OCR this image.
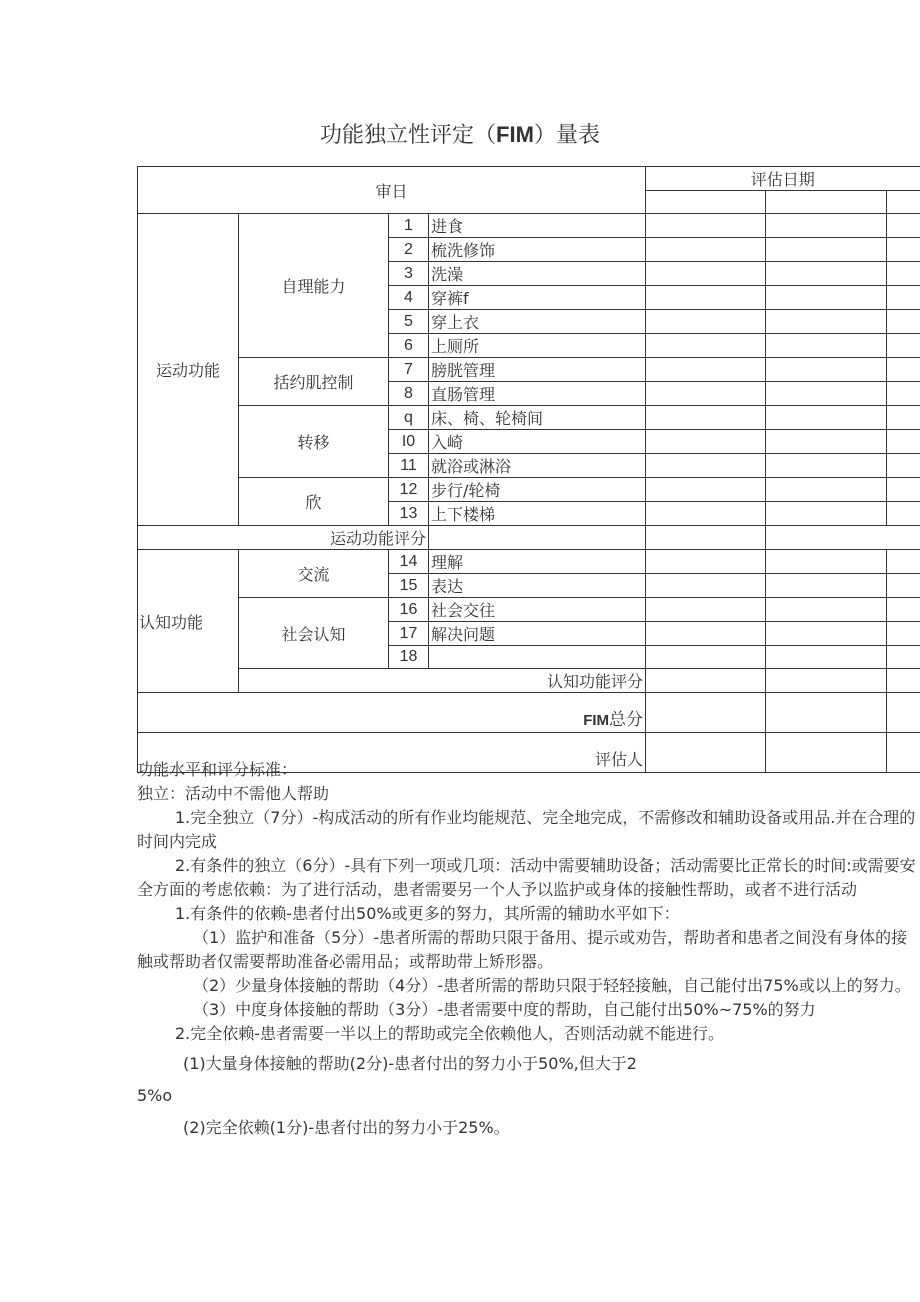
功能独立性评定（FIM）量表
审日				评估日期		

运动功能	自理能力	1	进食			
		2	梳洗修饰			
		3	洗澡			
		4	穿裤f			
		5	穿上衣			
		6	上厕所			
	括约肌控制	7	膀胱管理			
		8	直肠管理			
	转移	q	床、椅、轮椅间			
		I0	入崎			
		11	就浴或淋浴			
	欣	12	步行/轮椅			
		13	上下楼梯			
运动功能评分						
认知功能	交流	14	理解			
		15	表达			
	社会认知	16	社会交往			
		17	解决问题			
		18				
	认知功能评分					
FIM总分						
评估人						

功能水平和评分标准：

独立：活动中不需他人帮助

1.完全独立（7分）-构成活动的所有作业均能规范、完全地完成，不需修改和辅助设备或用品.并在合理的时间内完成

2.有条件的独立（6分）-具有下列一项或几项：活动中需要辅助设备；活动需要比正常长的时间:或需要安全方面的考虑依赖：为了进行活动，患者需要另一个人予以监护或身体的接触性帮助，或者不进行活动

1.有条件的依赖-患者付出50%或更多的努力，其所需的辅助水平如下：

（1）监护和准备（5分）-患者所需的帮助只限于备用、提示或劝告，帮助者和患者之间没有身体的接触或帮助者仅需要帮助准备必需用品；或帮助带上矫形器。

（2）少量身体接触的帮助（4分）-患者所需的帮助只限于轻轻接触，自己能付出75%或以上的努力。

（3）中度身体接触的帮助（3分）-患者需要中度的帮助，自己能付出50%~75%的努力

2.完全依赖-患者需要一半以上的帮助或完全依赖他人，否则活动就不能进行。

(1)大量身体接触的帮助(2分)-患者付出的努力小于50%,但大于2

5%o

(2)完全依赖(1分)-患者付出的努力小于25%。
